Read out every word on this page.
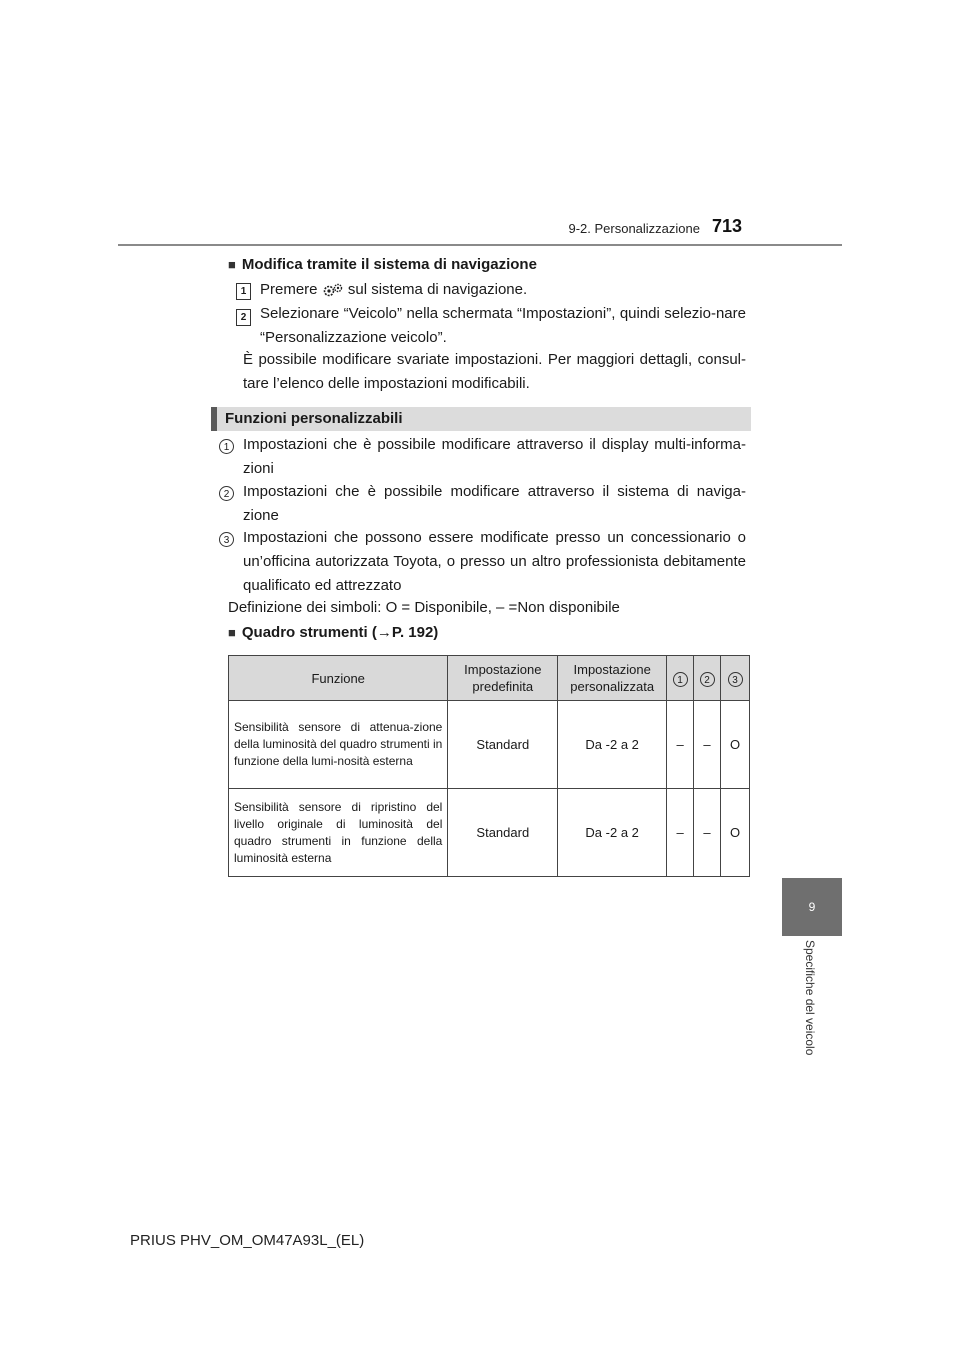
9-2. Personalizzazione 713
9
Specifiche del veicolo
■ Modifica tramite il sistema di navigazione
1 Premere sul sistema di navigazione.
2 Selezionare “Veicolo” nella schermata “Impostazioni”, quindi selezio-nare “Personalizzazione veicolo”.
È possibile modificare svariate impostazioni. Per maggiori dettagli, consul-tare l’elenco delle impostazioni modificabili.
Funzioni personalizzabili
1 Impostazioni che è possibile modificare attraverso il display multi-informa-zioni
2 Impostazioni che è possibile modificare attraverso il sistema di naviga-zione
3 Impostazioni che possono essere modificate presso un concessionario o un’officina autorizzata Toyota, o presso un altro professionista debitamente qualificato ed attrezzato
Definizione dei simboli: O = Disponibile, – =Non disponibile
■ Quadro strumenti (→P. 192)
Funzione	Impostazione predefinita	Impostazione personalizzata	1	2	3
Sensibilità sensore di attenua-zione della luminosità del quadro strumenti in funzione della lumi-nosità esterna	Standard	Da -2 a 2	–	–	O
Sensibilità sensore di ripristino del livello originale di luminosità del quadro strumenti in funzione della luminosità esterna	Standard	Da -2 a 2	–	–	O
PRIUS PHV_OM_OM47A93L_(EL)
